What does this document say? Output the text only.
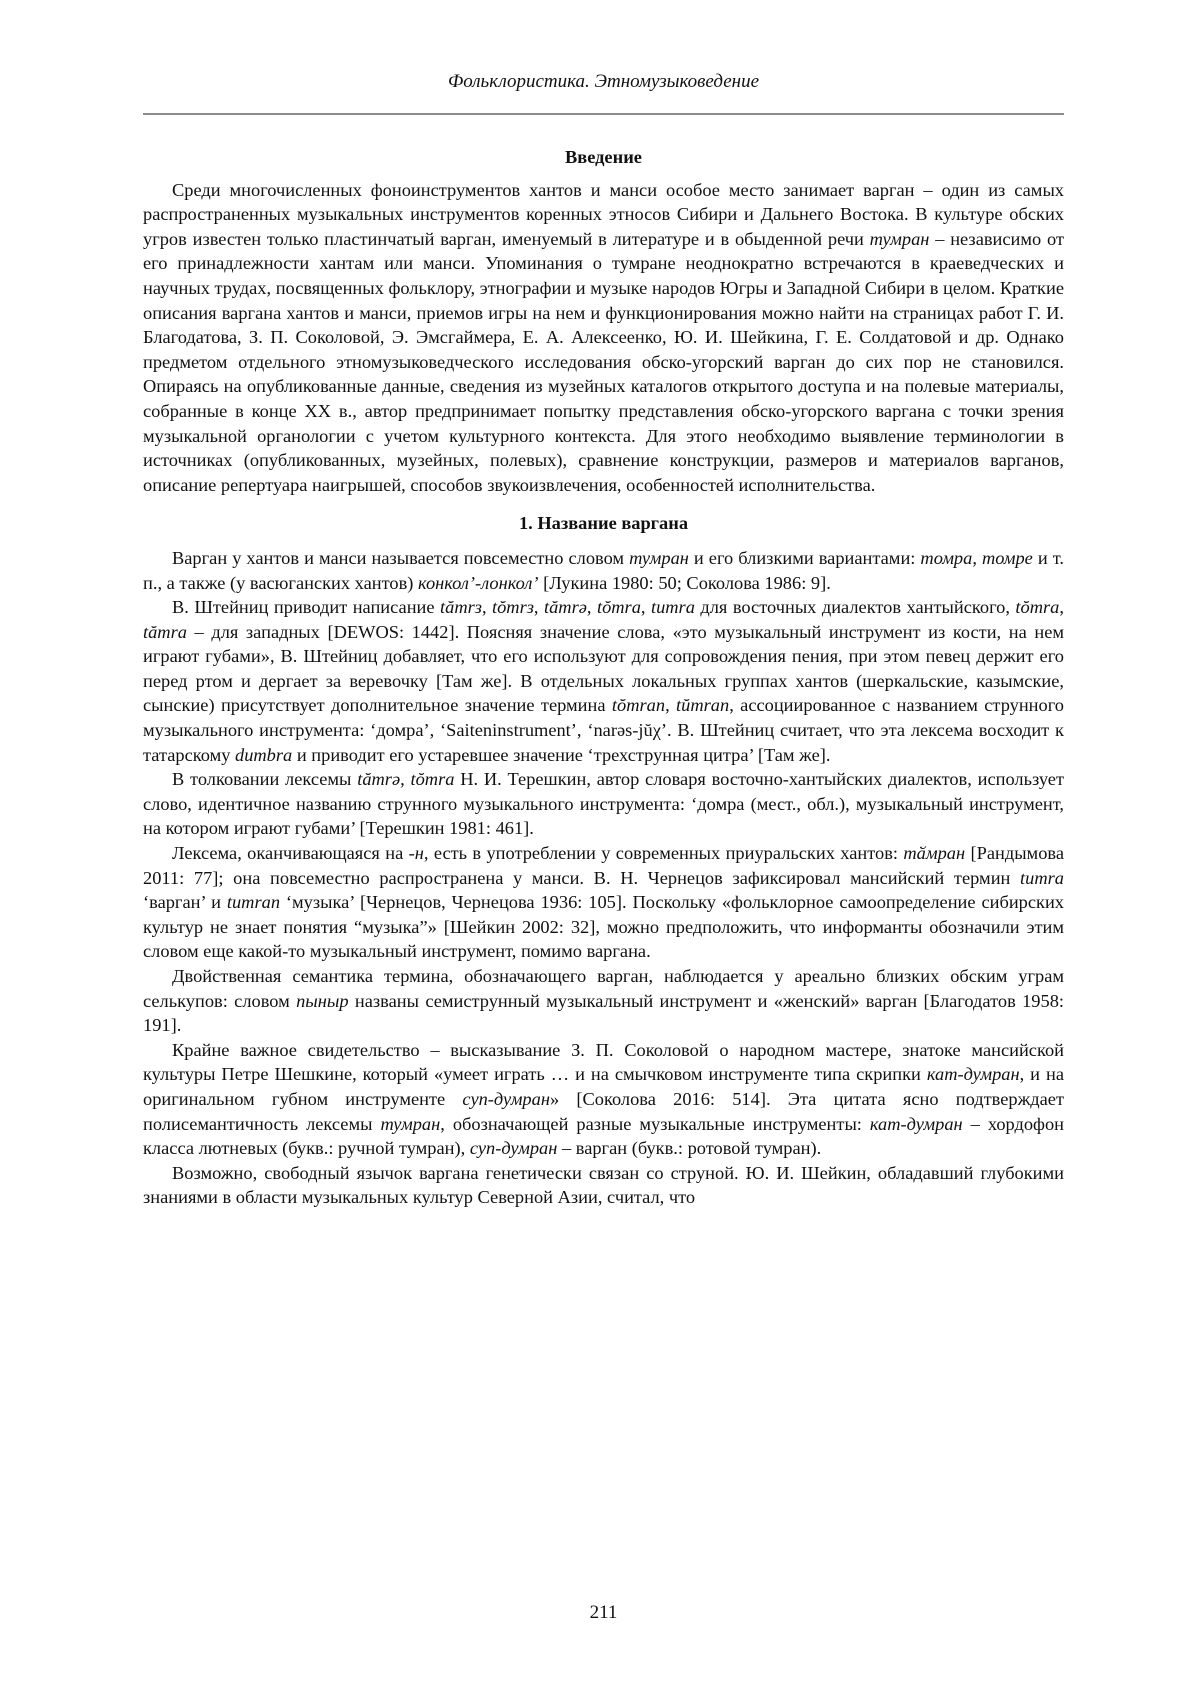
Фольклористика. Этномузыковедение
Введение

Среди многочисленных фоноинструментов хантов и манси особое место занимает варган – один из самых распространенных музыкальных инструментов коренных этносов Сибири и Дальнего Востока. В культуре обских угров известен только пластинчатый варган, именуемый в литературе и в обыденной речи тумран – независимо от его принадлежности хантам или манси. Упоминания о тумране неоднократно встречаются в краеведческих и научных трудах, посвященных фольклору, этнографии и музыке народов Югры и Западной Сибири в целом. Краткие описания варгана хантов и манси, приемов игры на нем и функционирования можно найти на страницах работ Г. И. Благодатова, З. П. Соколовой, Э. Эмсгаймера, Е. А. Алексеенко, Ю. И. Шейкина, Г. Е. Солдатовой и др. Однако предметом отдельного этномузыковедческого исследования обско-угорский варган до сих пор не становился. Опираясь на опубликованные данные, сведения из музейных каталогов открытого доступа и на полевые материалы, собранные в конце XX в., автор предпринимает попытку представления обско-угорского варгана с точки зрения музыкальной органологии с учетом культурного контекста. Для этого необходимо выявление терминологии в источниках (опубликованных, музейных, полевых), сравнение конструкции, размеров и материалов варганов, описание репертуара наигрышей, способов звукоизвлечения, особенностей исполнительства.

1. Название варгана

Варган у хантов и манси называется повсеместно словом тумран и его близкими вариантами: томра, томре и т. п., а также (у васюганских хантов) конкол’-лонкол’ [Лукина 1980: 50; Соколова 1986: 9].

В. Штейниц приводит написание tămrз, tŏmrз, tămrə, tŏmra, tumra для восточных диалектов хантыйского, tŏmra, tămra – для западных [DEWOS: 1442]. Поясняя значение слова, «это музыкальный инструмент из кости, на нем играют губами», В. Штейниц добавляет, что его используют для сопровождения пения, при этом певец держит его перед ртом и дергает за веревочку [Там же]. В отдельных локальных группах хантов (шеркальские, казымские, сынские) присутствует дополнительное значение термина tŏmran, tŭmran, ассоциированное с названием струнного музыкального инструмента: ‘домра’, ‘Saiteninstrument’, ‘narəs-jŭχ’. В. Штейниц считает, что эта лексема восходит к татарскому dumbra и приводит его устаревшее значение ‘трехструнная цитра’ [Там же].

В толковании лексемы tămrə, tŏmra Н. И. Терешкин, автор словаря восточно-хантыйских диалектов, использует слово, идентичное названию струнного музыкального инструмента: ‘домра (мест., обл.), музыкальный инструмент, на котором играют губами’ [Терешкин 1981: 461].

Лексема, оканчивающаяся на -н, есть в употреблении у современных приуральских хантов: тӑмран [Рандымова 2011: 77]; она повсеместно распространена у манси. В. Н. Чернецов зафиксировал мансийский термин tumra ‘варган’ и tumran ‘музыка’ [Чернецов, Чернецова 1936: 105]. Поскольку «фольклорное самоопределение сибирских культур не знает понятия “музыка”» [Шейкин 2002: 32], можно предположить, что информанты обозначили этим словом еще какой-то музыкальный инструмент, помимо варгана.

Двойственная семантика термина, обозначающего варган, наблюдается у ареально близких обским уграм селькупов: словом пыныр названы семиструнный музыкальный инструмент и «женский» варган [Благодатов 1958: 191].

Крайне важное свидетельство – высказывание З. П. Соколовой о народном мастере, знатоке мансийской культуры Петре Шешкине, который «умеет играть … и на смычковом инструменте типа скрипки кат-думран, и на оригинальном губном инструменте суп-думран» [Соколова 2016: 514]. Эта цитата ясно подтверждает полисемантичность лексемы тумран, обозначающей разные музыкальные инструменты: кат-думран – хордофон класса лютневых (букв.: ручной тумран), суп-думран – варган (букв.: ротовой тумран).

Возможно, свободный язычок варгана генетически связан со струной. Ю. И. Шейкин, обладавший глубокими знаниями в области музыкальных культур Северной Азии, считал, что

211
